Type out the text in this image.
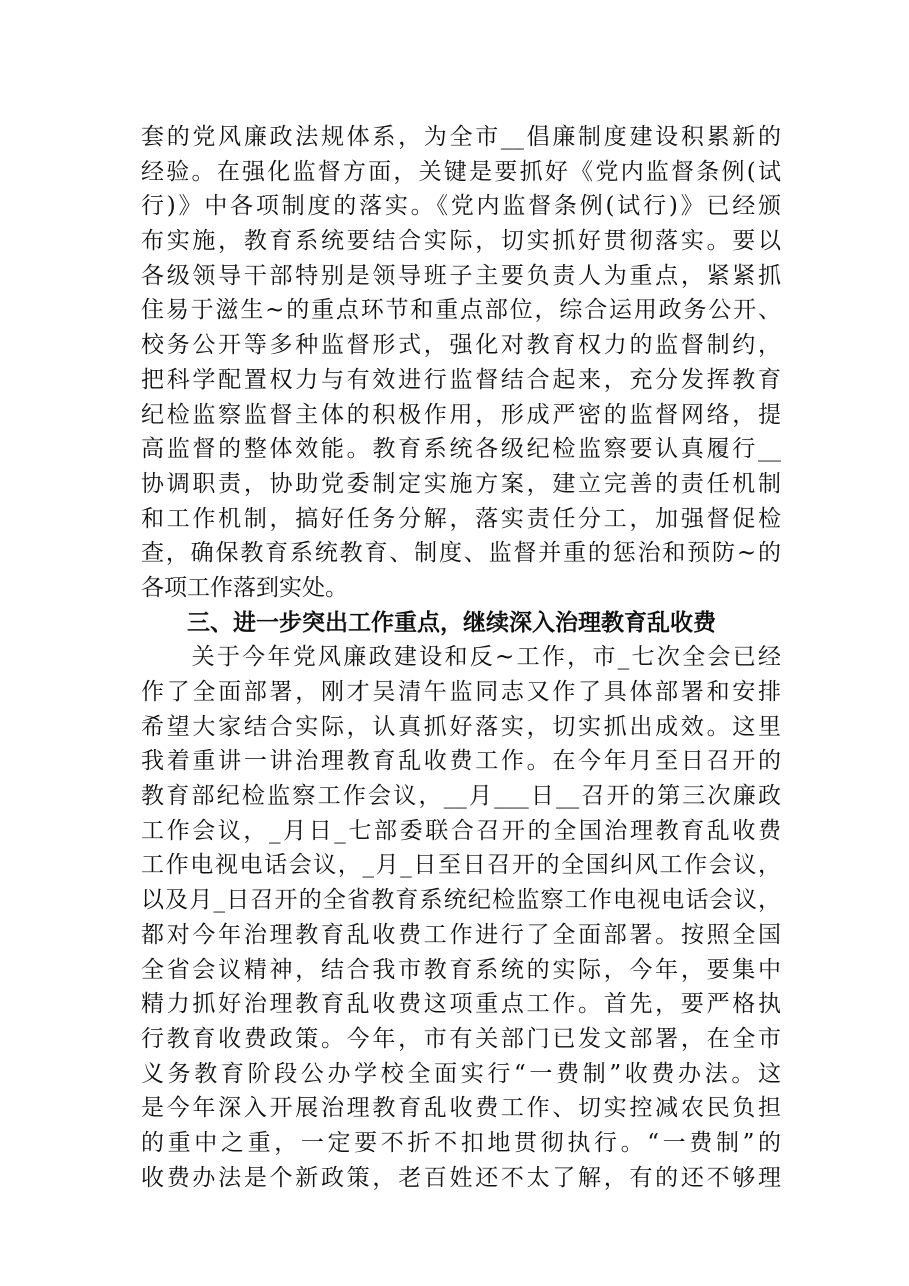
套的党风廉政法规体系，为全市__倡廉制度建设积累新的
经验。在强化监督方面，关键是要抓好《党内监督条例(试
行)》中各项制度的落实。《党内监督条例(试行)》已经颁
布实施，教育系统要结合实际，切实抓好贯彻落实。要以
各级领导干部特别是领导班子主要负责人为重点，紧紧抓
住易于滋生~的重点环节和重点部位，综合运用政务公开、
校务公开等多种监督形式，强化对教育权力的监督制约，
把科学配置权力与有效进行监督结合起来，充分发挥教育
纪检监察监督主体的积极作用，形成严密的监督网络，提
高监督的整体效能。教育系统各级纪检监察要认真履行__
协调职责，协助党委制定实施方案，建立完善的责任机制
和工作机制，搞好任务分解，落实责任分工，加强督促检
查，确保教育系统教育、制度、监督并重的惩治和预防~的
各项工作落到实处。
三、进一步突出工作重点，继续深入治理教育乱收费
　　关于今年党风廉政建设和反~工作，市_七次全会已经
作了全面部署，刚才吴清午监同志又作了具体部署和安排
希望大家结合实际，认真抓好落实，切实抓出成效。这里
我着重讲一讲治理教育乱收费工作。在今年月至日召开的
教育部纪检监察工作会议，__月___日__召开的第三次廉政
工作会议，_月日_七部委联合召开的全国治理教育乱收费
工作电视电话会议，_月_日至日召开的全国纠风工作会议，
以及月_日召开的全省教育系统纪检监察工作电视电话会议，
都对今年治理教育乱收费工作进行了全面部署。按照全国
全省会议精神，结合我市教育系统的实际，今年，要集中
精力抓好治理教育乱收费这项重点工作。首先，要严格执
行教育收费政策。今年，市有关部门已发文部署，在全市
义务教育阶段公办学校全面实行“一费制”收费办法。这
是今年深入开展治理教育乱收费工作、切实控减农民负担
的重中之重，一定要不折不扣地贯彻执行。“一费制”的
收费办法是个新政策，老百姓还不太了解，有的还不够理
